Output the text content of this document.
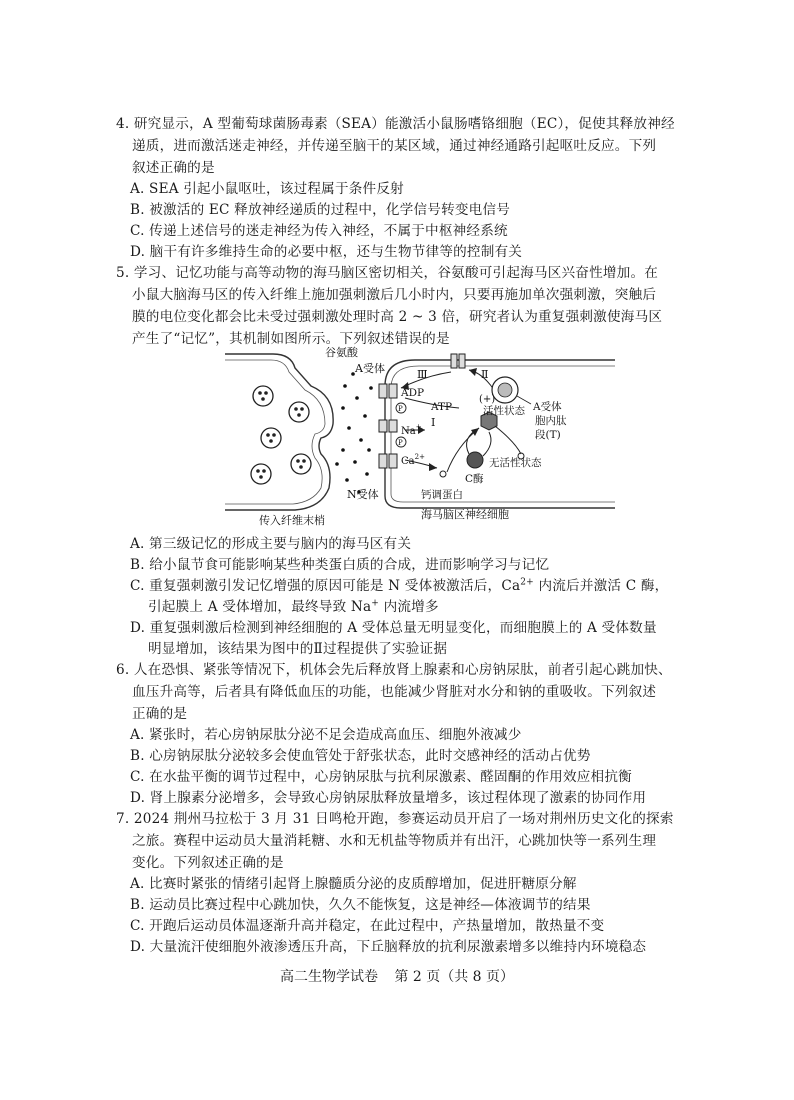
4. 研究显示，A 型葡萄球菌肠毒素（SEA）能激活小鼠肠嗜铬细胞（EC），促使其释放神经
递质，进而激活迷走神经，并传递至脑干的某区域，通过神经通路引起呕吐反应。下列
叙述正确的是
A. SEA 引起小鼠呕吐，该过程属于条件反射
B. 被激活的 EC 释放神经递质的过程中，化学信号转变电信号
C. 传递上述信号的迷走神经为传入神经，不属于中枢神经系统
D. 脑干有许多维持生命的必要中枢，还与生物节律等的控制有关
5. 学习、记忆功能与高等动物的海马脑区密切相关，谷氨酸可引起海马区兴奋性增加。在
小鼠大脑海马区的传入纤维上施加强刺激后几小时内，只要再施加单次强刺激，突触后
膜的电位变化都会比未受过强刺激处理时高 2 ~ 3 倍，研究者认为重复强刺激使海马区
产生了“记忆”，其机制如图所示。下列叙述错误的是
谷氨酸
A受体	Ⅲ	Ⅱ
(+)
活性状态
ADP
ATP
Ⅰ
P
P
Na+
$Ca^{2+}$	无活性状态
C酶
N受体	钙调蛋白
A受体
胞内肽
段(T)
传入纤维末梢	海马脑区神经细胞
A. 第三级记忆的形成主要与脑内的海马区有关
B. 给小鼠节食可能影响某些种类蛋白质的合成，进而影响学习与记忆
C. 重复强刺激引发记忆增强的原因可能是 N 受体被激活后，$Ca^{2+}$ 内流后并激活 C 酶，
引起膜上 A 受体增加，最终导致 Na+ 内流增多
D. 重复强刺激后检测到神经细胞的 A 受体总量无明显变化，而细胞膜上的 A 受体数量
明显增加，该结果为图中的Ⅱ过程提供了实验证据
6. 人在恐惧、紧张等情况下，机体会先后释放肾上腺素和心房钠尿肽，前者引起心跳加快、
血压升高等，后者具有降低血压的功能，也能减少肾脏对水分和钠的重吸收。下列叙述
正确的是
A. 紧张时，若心房钠尿肽分泌不足会造成高血压、细胞外液减少
B. 心房钠尿肽分泌较多会使血管处于舒张状态，此时交感神经的活动占优势
C. 在水盐平衡的调节过程中，心房钠尿肽与抗利尿激素、醛固酮的作用效应相抗衡
D. 肾上腺素分泌增多，会导致心房钠尿肽释放量增多，该过程体现了激素的协同作用
7. 2024 荆州马拉松于 3 月 31 日鸣枪开跑，参赛运动员开启了一场对荆州历史文化的探索
之旅。赛程中运动员大量消耗糖、水和无机盐等物质并有出汗，心跳加快等一系列生理
变化。下列叙述正确的是
A. 比赛时紧张的情绪引起肾上腺髓质分泌的皮质醇增加，促进肝糖原分解
B. 运动员比赛过程中心跳加快，久久不能恢复，这是神经—体液调节的结果
C. 开跑后运动员体温逐渐升高并稳定，在此过程中，产热量增加，散热量不变
D. 大量流汗使细胞外液渗透压升高，下丘脑释放的抗利尿激素增多以维持内环境稳态
高二生物学试卷 第 2 页（共 8 页）
